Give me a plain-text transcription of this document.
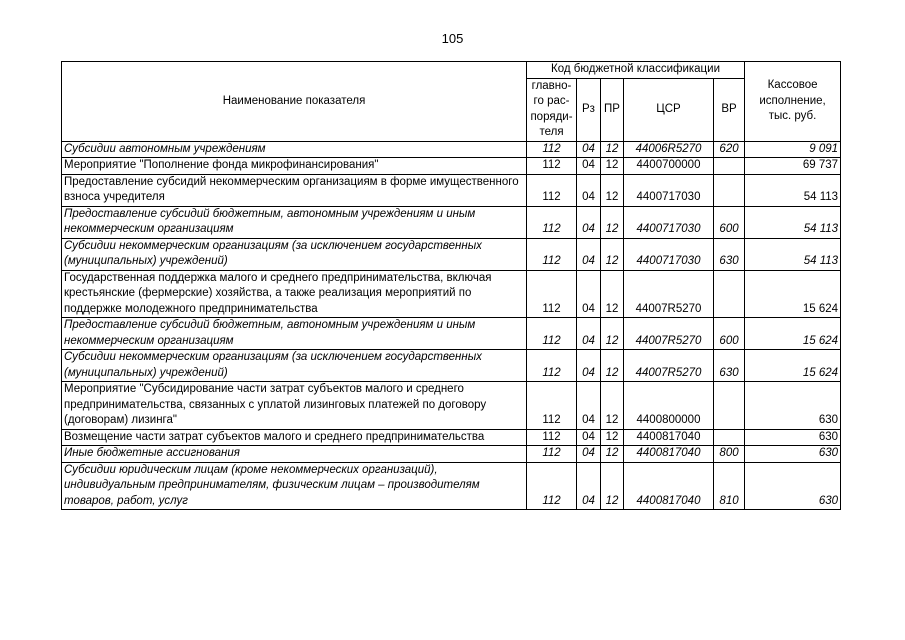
105
Наименование показателя	Код бюджетной классификации					Кассовое исполнение, тыс. руб.
	главно-го рас-поряди-теля	Рз	ПР	ЦСР	ВР	
Субсидии автономным учреждениям	112	04	12	44006R5270	620	9 091
Мероприятие "Пополнение фонда микрофинансирования"	112	04	12	4400700000		69 737
Предоставление субсидий некоммерческим организациям в форме имущественного взноса учредителя	112	04	12	4400717030		54 113
Предоставление субсидий бюджетным, автономным учреждениям и иным некоммерческим организациям	112	04	12	4400717030	600	54 113
Субсидии некоммерческим организациям (за исключением государственных (муниципальных) учреждений)	112	04	12	4400717030	630	54 113
Государственная поддержка малого и среднего предпринимательства, включая крестьянские (фермерские) хозяйства, а также реализация мероприятий по поддержке молодежного предпринимательства	112	04	12	44007R5270		15 624
Предоставление субсидий бюджетным, автономным учреждениям и иным некоммерческим организациям	112	04	12	44007R5270	600	15 624
Субсидии некоммерческим организациям (за исключением государственных (муниципальных) учреждений)	112	04	12	44007R5270	630	15 624
Мероприятие "Субсидирование части затрат субъектов малого и среднего предпринимательства, связанных с уплатой лизинговых платежей по договору (договорам) лизинга"	112	04	12	4400800000		630
Возмещение части затрат субъектов малого и среднего предпринимательства	112	04	12	4400817040		630
Иные бюджетные ассигнования	112	04	12	4400817040	800	630
Субсидии юридическим лицам (кроме некоммерческих организаций), индивидуальным предпринимателям, физическим лицам – производителям товаров, работ, услуг	112	04	12	4400817040	810	630
